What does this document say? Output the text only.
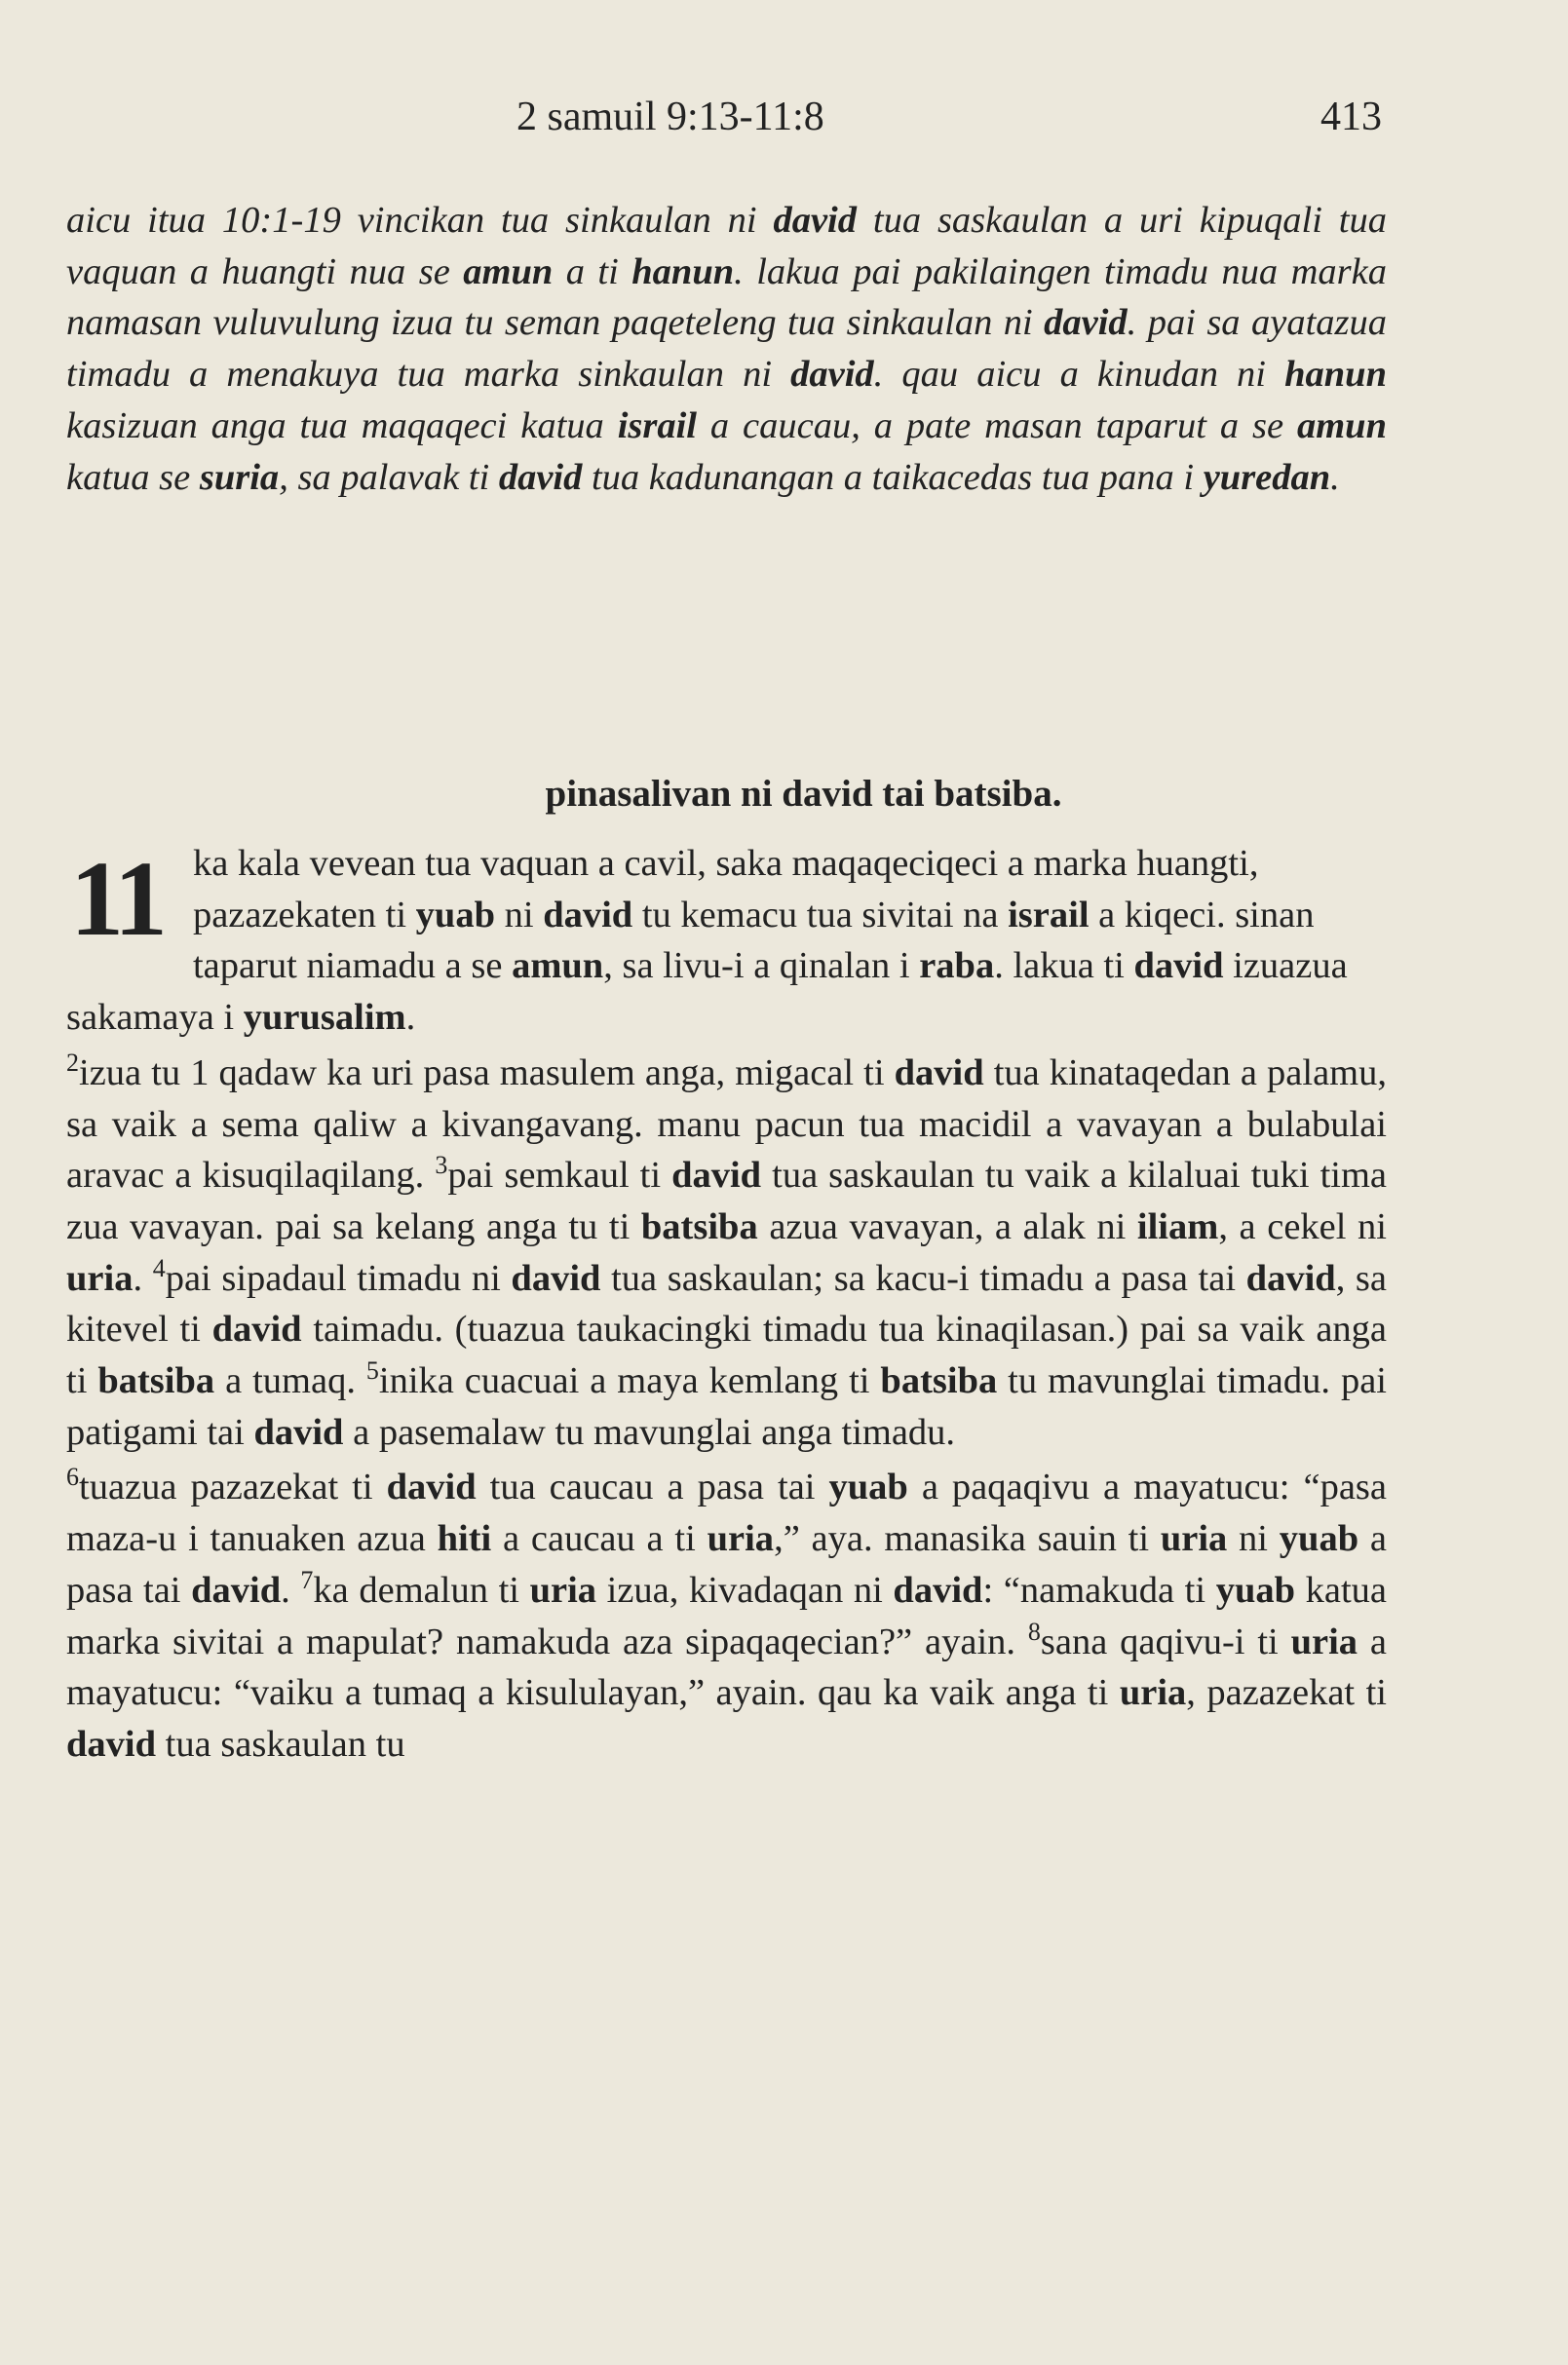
2 samuil 9:13-11:8	413

aicu itua 10:1-19 vincikan tua sinkaulan ni david tua saskaulan a uri kipuqali tua vaquan a huangti nua se amun a ti hanun. lakua pai pakilaingen timadu nua marka namasan vuluvulung izua tu seman paqeteleng tua sinkaulan ni david. pai sa ayatazua timadu a menakuya tua marka sinkaulan ni david. qau aicu a kinudan ni hanun kasizuan anga tua maqaqeci katua israil a caucau, a pate masan taparut a se amun katua se suria, sa palavak ti david tua kadunangan a taikacedas tua pana i yuredan.

pinasalivan ni david tai batsiba.
11 ka kala vevean tua vaquan a cavil, saka maqaqeciqeci a marka huangti, pazazekaten ti yuab ni david tu kemacu tua sivitai na israil a kiqeci. sinan taparut niamadu a se amun, sa livu-i a qinalan i raba. lakua ti david izuazua sakamaya i yurusalim.

$^2$izua tu 1 qadaw ka uri pasa masulem anga, migacal ti david tua kinataqedan a palamu, sa vaik a sema qaliw a kivangavang. manu pacun tua macidil a vavayan a bulabulai aravac a kisuqilaqilang. $^3$pai semkaul ti david tua saskaulan tu vaik a kilaluai tuki tima zua vavayan. pai sa kelang anga tu ti batsiba azua vavayan, a alak ni iliam, a cekel ni uria. $^4$pai sipadaul timadu ni david tua saskaulan; sa kacu-i timadu a pasa tai david, sa kitevel ti david taimadu. (tuazua taukacingki timadu tua kinaqilasan.) pai sa vaik anga ti batsiba a tumaq. $^5$inika cuacuai a maya kemlang ti batsiba tu mavunglai timadu. pai patigami tai david a pasemalaw tu mavunglai anga timadu.

$^6$tuazua pazazekat ti david tua caucau a pasa tai yuab a paqaqivu a mayatucu: “pasa maza-u i tanuaken azua hiti a caucau a ti uria,” aya. manasika sauin ti uria ni yuab a pasa tai david. $^7$ka demalun ti uria izua, kivadaqan ni david: “namakuda ti yuab katua marka sivitai a mapulat? namakuda aza sipaqaqecian?” ayain. $^8$sana qaqivu-i ti uria a mayatucu: “vaiku a tumaq a kisululayan,” ayain. qau ka vaik anga ti uria, pazazekat ti david tua saskaulan tu
